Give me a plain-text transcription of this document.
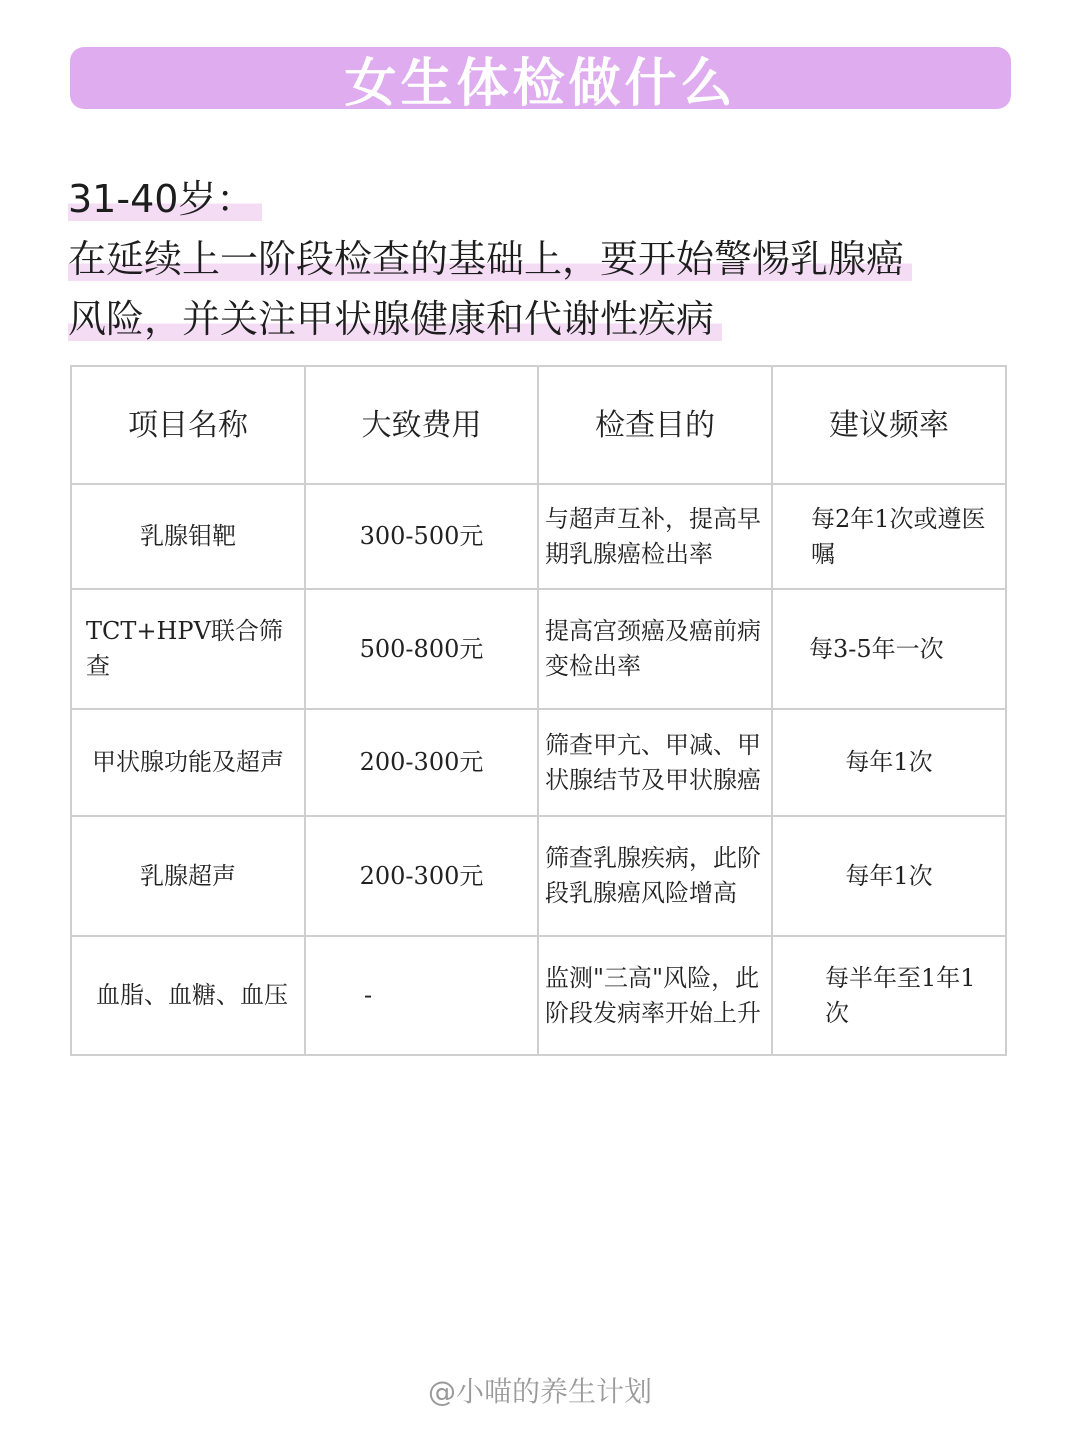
女生体检做什么
31-40岁：
在延续上一阶段检查的基础上，要开始警惕乳腺癌
风险，并关注甲状腺健康和代谢性疾病
项目名称	大致费用	检查目的	建议频率
乳腺钼靶	300-500元	与超声互补，提高早期乳腺癌检出率	每2年1次或遵医嘱
TCT+HPV联合筛查	500-800元	提高宫颈癌及癌前病变检出率	每3-5年一次
甲状腺功能及超声	200-300元	筛查甲亢、甲减、甲状腺结节及甲状腺癌	每年1次
乳腺超声	200-300元	筛查乳腺疾病，此阶段乳腺癌风险增高	每年1次
血脂、血糖、血压	-	监测"三高"风险，此阶段发病率开始上升	每半年至1年1次
@小喵的养生计划
